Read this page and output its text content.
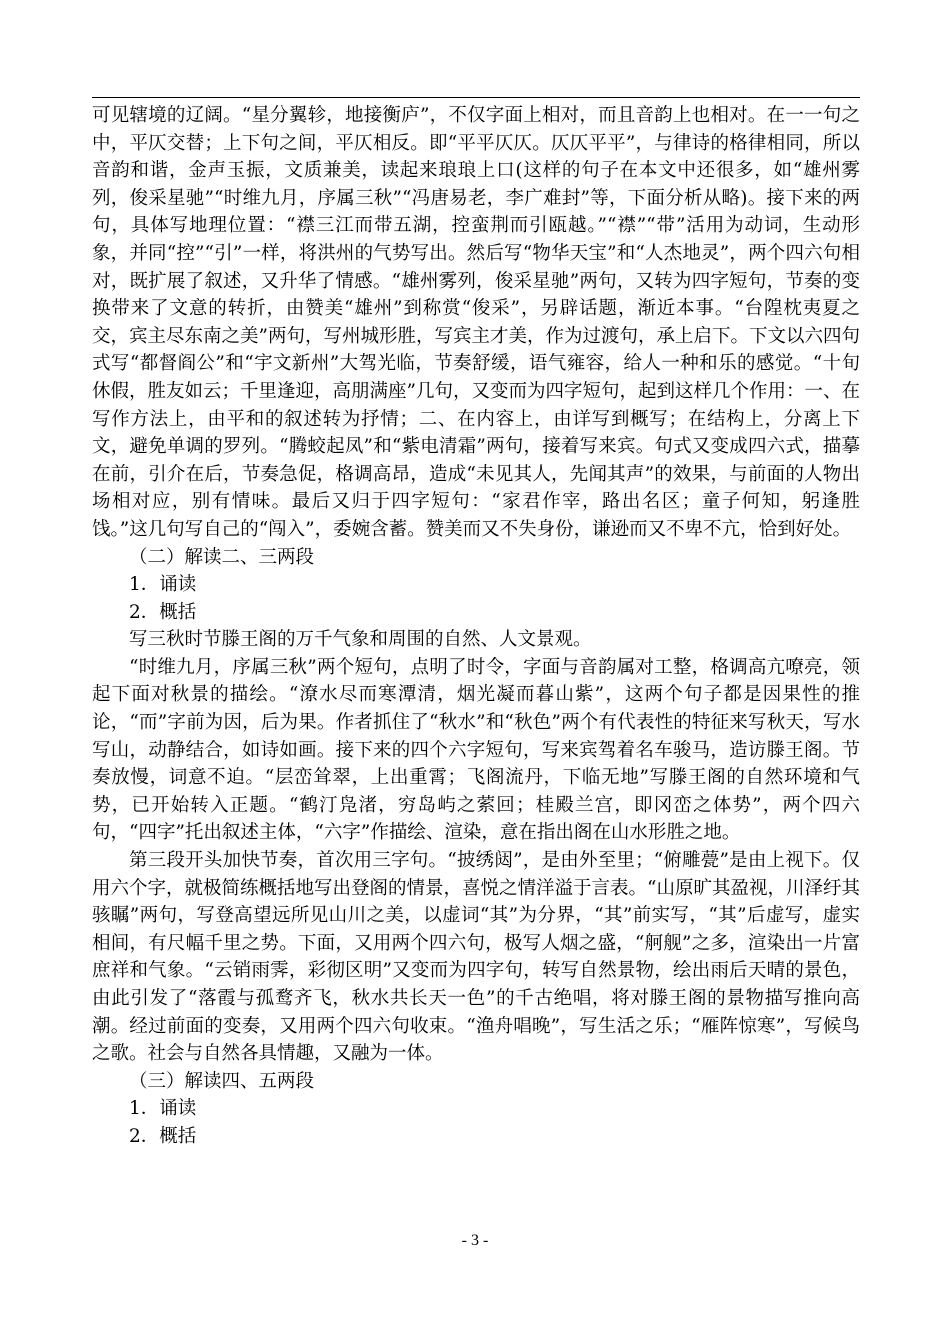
可见辖境的辽阔。“星分翼轸，地接衡庐”，不仅字面上相对，而且音韵上也相对。在一一句之中，平仄交替；上下句之间，平仄相反。即“平平仄仄。仄仄平平”，与律诗的格律相同，所以音韵和谐，金声玉振，文质兼美，读起来琅琅上口(这样的句子在本文中还很多，如“雄州雾列，俊采星驰”“时维九月，序属三秋”“冯唐易老，李广难封”等，下面分析从略)。接下来的两句，具体写地理位置：“襟三江而带五湖，控蛮荆而引瓯越。”“襟”“带”活用为动词，生动形象，并同“控”“引”一样，将洪州的气势写出。然后写“物华天宝”和“人杰地灵”，两个四六句相对，既扩展了叙述，又升华了情感。“雄州雾列，俊采星驰”两句，又转为四字短句，节奏的变换带来了文意的转折，由赞美“雄州”到称赏“俊采”，另辟话题，渐近本事。“台隍枕夷夏之交，宾主尽东南之美”两句，写州城形胜，写宾主才美，作为过渡句，承上启下。下文以六四句式写“都督阎公”和“宇文新州”大驾光临，节奏舒缓，语气雍容，给人一种和乐的感觉。“十旬休假，胜友如云；千里逢迎，高朋满座”几句，又变而为四字短句，起到这样几个作用：一、在写作方法上，由平和的叙述转为抒情；二、在内容上，由详写到概写；在结构上，分离上下文，避免单调的罗列。“腾蛟起凤”和“紫电清霜”两句，接着写来宾。句式又变成四六式，描摹在前，引介在后，节奏急促，格调高昂，造成“未见其人，先闻其声”的效果，与前面的人物出场相对应，别有情味。最后又归于四字短句：“家君作宰，路出名区；童子何知，躬逢胜饯。”这几句写自己的“闯入”，委婉含蓄。赞美而又不失身份，谦逊而又不卑不亢，恰到好处。

（二）解读二、三两段

1．诵读

2．概括

写三秋时节滕王阁的万千气象和周围的自然、人文景观。

“时维九月，序属三秋”两个短句，点明了时令，字面与音韵属对工整，格调高亢嘹亮，领起下面对秋景的描绘。“潦水尽而寒潭清，烟光凝而暮山紫”，这两个句子都是因果性的推论，“而”字前为因，后为果。作者抓住了“秋水”和“秋色”两个有代表性的特征来写秋天，写水写山，动静结合，如诗如画。接下来的四个六字短句，写来宾驾着名车骏马，造访滕王阁。节奏放慢，词意不迫。“层峦耸翠，上出重霄；飞阁流丹，下临无地”写滕王阁的自然环境和气势，已开始转入正题。“鹤汀凫渚，穷岛屿之萦回；桂殿兰宫，即冈峦之体势”，两个四六句，“四字”托出叙述主体，“六字”作描绘、渲染，意在指出阁在山水形胜之地。

第三段开头加快节奏，首次用三字句。“披绣闼”，是由外至里；“俯雕甍”是由上视下。仅用六个字，就极简练概括地写出登阁的情景，喜悦之情洋溢于言表。“山原旷其盈视，川泽纡其骇瞩”两句，写登高望远所见山川之美，以虚词“其”为分界，“其”前实写，“其”后虚写，虚实相间，有尺幅千里之势。下面，又用两个四六句，极写人烟之盛，“舸舰”之多，渲染出一片富庶祥和气象。“云销雨霁，彩彻区明”又变而为四字句，转写自然景物，绘出雨后天晴的景色，由此引发了“落霞与孤鹜齐飞，秋水共长天一色”的千古绝唱，将对滕王阁的景物描写推向高潮。经过前面的变奏，又用两个四六句收束。“渔舟唱晚”，写生活之乐；“雁阵惊寒”，写候鸟之歌。社会与自然各具情趣，又融为一体。

（三）解读四、五两段

1．诵读

2．概括

- 3 -
